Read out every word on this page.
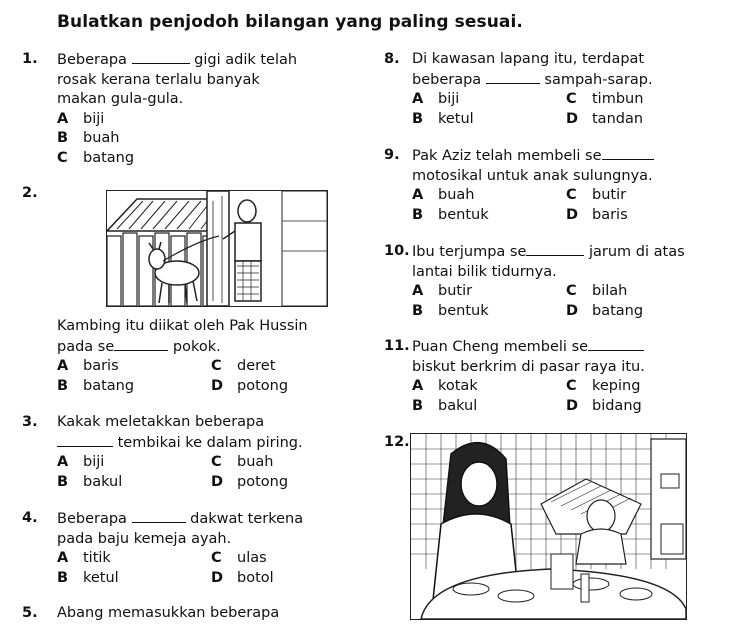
Bulatkan penjodoh bilangan yang paling sesuai.
1. Beberapa	gigi adik telah
rosak kerana terlalu banyak
makan gula-gula.
A	biji
B	buah
C	batang
2.
Kambing itu diikat oleh Pak Hussin
pada se	pokok.
A	baris	C	deret
B	batang	D potong
3. Kakak meletakkan beberapa
tembikai ke dalam piring.
A	biji	C	buah
B	bakul	D potong
4. Beberapa	dakwat terkena
pada baju kemeja ayah.
A	titik	C	ulas
B	ketul	D botol
5. Abang memasukkan beberapa
8. Di kawasan lapang itu, terdapat
beberapa	sampah-sarap.
A	biji	C	timbun
B	ketul	D tandan
9. Pak Aziz telah membeli se
motosikal untuk anak sulungnya.
A	buah	C	butir
B	bentuk	D baris
10. Ibu terjumpa se	jarum di atas
lantai bilik tidurnya.
A	butir	C	bilah
B	bentuk	D batang
11. Puan Cheng membeli se
biskut berkrim di pasar raya itu.
A	kotak	C	keping
B	bakul	D bidang
12.
